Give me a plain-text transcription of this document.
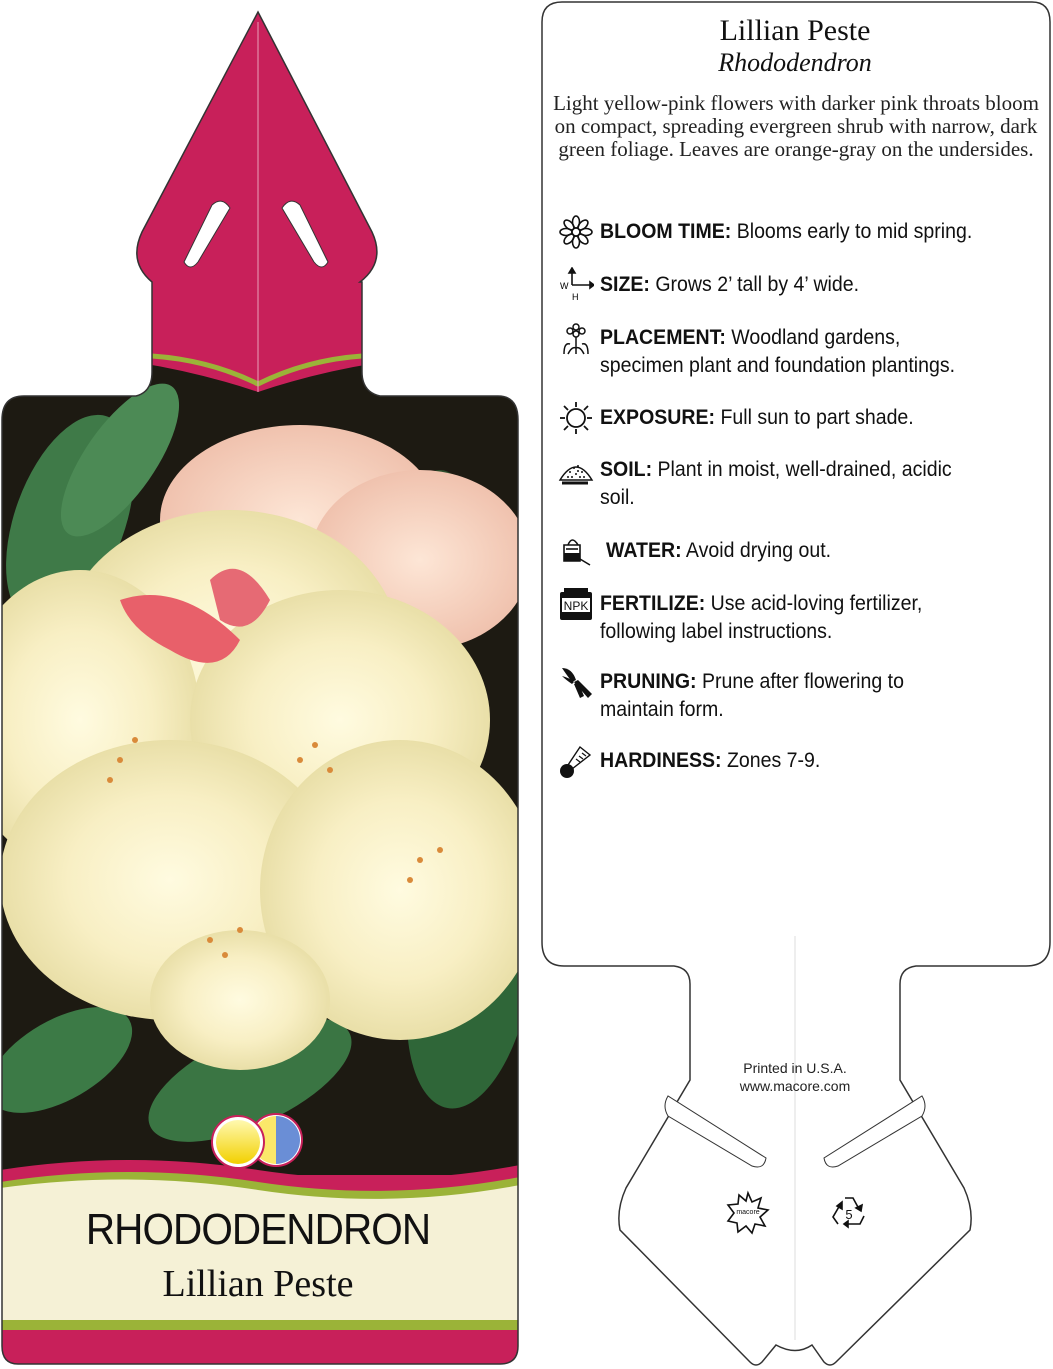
RHODODENDRON
Lillian Peste
Lillian Peste
Rhododendron
Light yellow-pink flowers with darker pink throats bloom on compact, spreading evergreen shrub with narrow, dark green foliage. Leaves are orange-gray on the undersides.
BLOOM TIME: Blooms early to mid spring.
W
H
SIZE: Grows 2’ tall by 4’ wide.
PLACEMENT: Woodland gardens,
specimen plant and foundation plantings.
EXPOSURE: Full sun to part shade.
SOIL: Plant in moist, well-drained, acidic
soil.
WATER: Avoid drying out.
NPK FERTILIZE: Use acid-loving fertilizer,
following label instructions.
PRUNING: Prune after flowering to
maintain form.
HARDINESS: Zones 7-9.
Printed in U.S.A.
www.macore.com
macore	5
